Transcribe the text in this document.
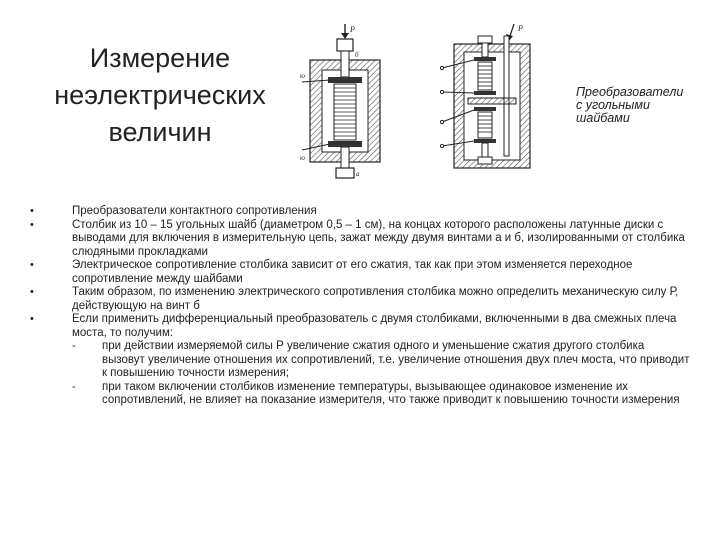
Измерение
неэлектрических
величин
P
б
ю
ю
а
P
Преобразователи
с угольными
шайбами
• Преобразователи контактного сопротивления
• Столбик из 10 – 15 угольных шайб (диаметром 0,5 – 1 см), на концах которого расположены латунные диски с выводами для включения в измерительную цепь, зажат между двумя винтами а и б, изолированными от столбика слюдяными прокладками
• Электрическое сопротивление столбика зависит от его сжатия, так как при этом изменяется переходное сопротивление между шайбами
• Таким образом, по изменению электрического сопротивления столбика можно определить механическую силу Р, действующую на винт б
• Если применить дифференциальный преобразователь с двумя столбиками, включенными в два смежных плеча моста, то получим:
- при действии измеряемой силы Р увеличение сжатия одного и уменьшение сжатия другого столбика вызовут увеличение отношения их сопротивлений, т.е. увеличение отношения двух плеч моста, что приводит к повышению точности измерения;
- при таком включении столбиков изменение температуры, вызывающее одинаковое изменение их сопротивлений, не влияет на показание измерителя, что также приводит к повышению точности измерения
